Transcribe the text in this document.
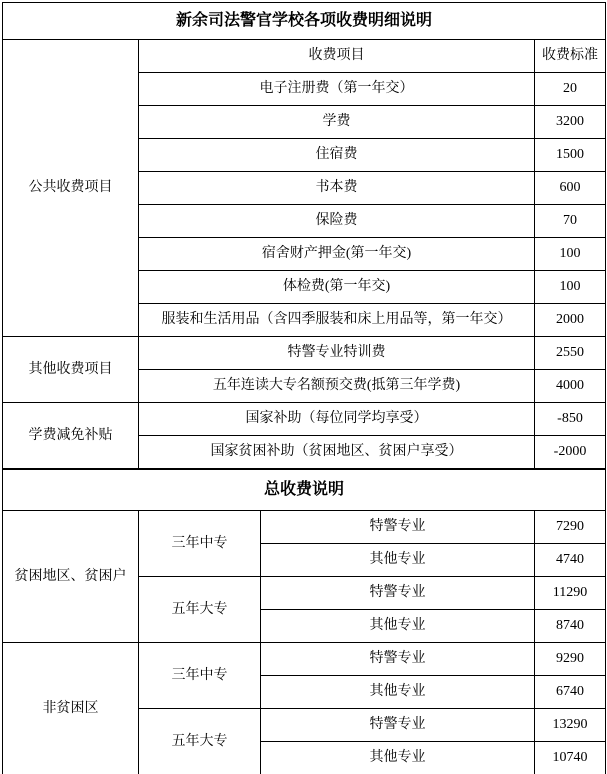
新余司法警官学校各项收费明细说明		
公共收费项目	收费项目	收费标准
	电子注册费（第一年交）	20
	学费	3200
	住宿费	1500
	书本费	600
	保险费	70
	宿舍财产押金(第一年交)	100
	体检费(第一年交)	100
	服装和生活用品（含四季服装和床上用品等，第一年交）	2000
其他收费项目	特警专业特训费	2550
	五年连读大专名额预交费(抵第三年学费)	4000
学费减免补贴	国家补助（每位同学均享受）	-850
	国家贫困补助（贫困地区、贫困户享受）	-2000
总收费说明			
贫困地区、贫困户	三年中专	特警专业	7290
		其他专业	4740
	五年大专	特警专业	11290
		其他专业	8740
非贫困区	三年中专	特警专业	9290
		其他专业	6740
	五年大专	特警专业	13290
		其他专业	10740
